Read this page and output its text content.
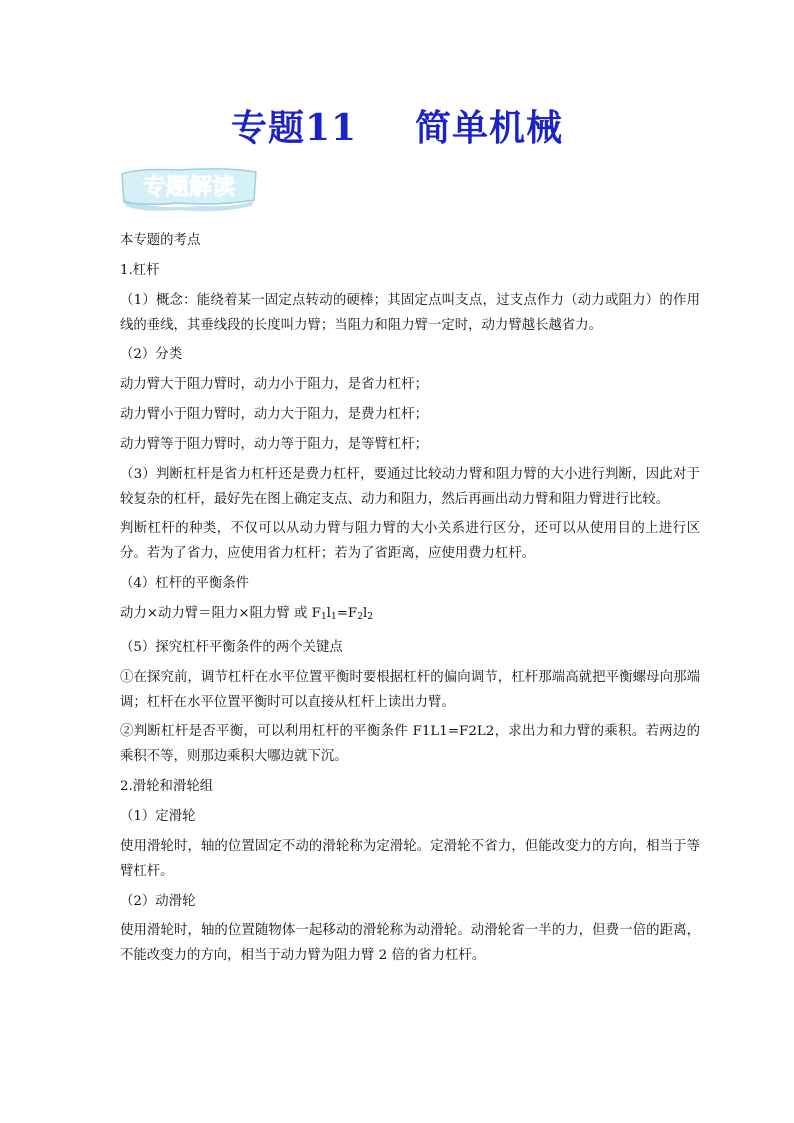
专题11 简单机械
专题解读

本专题的考点

1.杠杆

（1）概念：能绕着某一固定点转动的硬棒；其固定点叫支点，过支点作力（动力或阻力）的作用线的垂线，其垂线段的长度叫力臂；当阻力和阻力臂一定时，动力臂越长越省力。

（2）分类

动力臂大于阻力臂时，动力小于阻力，是省力杠杆；

动力臂小于阻力臂时，动力大于阻力，是费力杠杆；

动力臂等于阻力臂时，动力等于阻力，是等臂杠杆；

（3）判断杠杆是省力杠杆还是费力杠杆，要通过比较动力臂和阻力臂的大小进行判断，因此对于较复杂的杠杆，最好先在图上确定支点、动力和阻力，然后再画出动力臂和阻力臂进行比较。

判断杠杆的种类，不仅可以从动力臂与阻力臂的大小关系进行区分，还可以从使用目的上进行区分。若为了省力，应使用省力杠杆；若为了省距离，应使用费力杠杆。

（4）杠杆的平衡条件

动力×动力臂＝阻力×阻力臂 或 $F_1l_1=F_2l_2$

（5）探究杠杆平衡条件的两个关键点

①在探究前，调节杠杆在水平位置平衡时要根据杠杆的偏向调节，杠杆那端高就把平衡螺母向那端调；杠杆在水平位置平衡时可以直接从杠杆上读出力臂。

②判断杠杆是否平衡，可以利用杠杆的平衡条件 F1L1=F2L2，求出力和力臂的乘积。若两边的乘积不等，则那边乘积大哪边就下沉。

2.滑轮和滑轮组

（1）定滑轮

使用滑轮时，轴的位置固定不动的滑轮称为定滑轮。定滑轮不省力，但能改变力的方向，相当于等臂杠杆。

（2）动滑轮

使用滑轮时，轴的位置随物体一起移动的滑轮称为动滑轮。动滑轮省一半的力，但费一倍的距离，不能改变力的方向，相当于动力臂为阻力臂 2 倍的省力杠杆。
